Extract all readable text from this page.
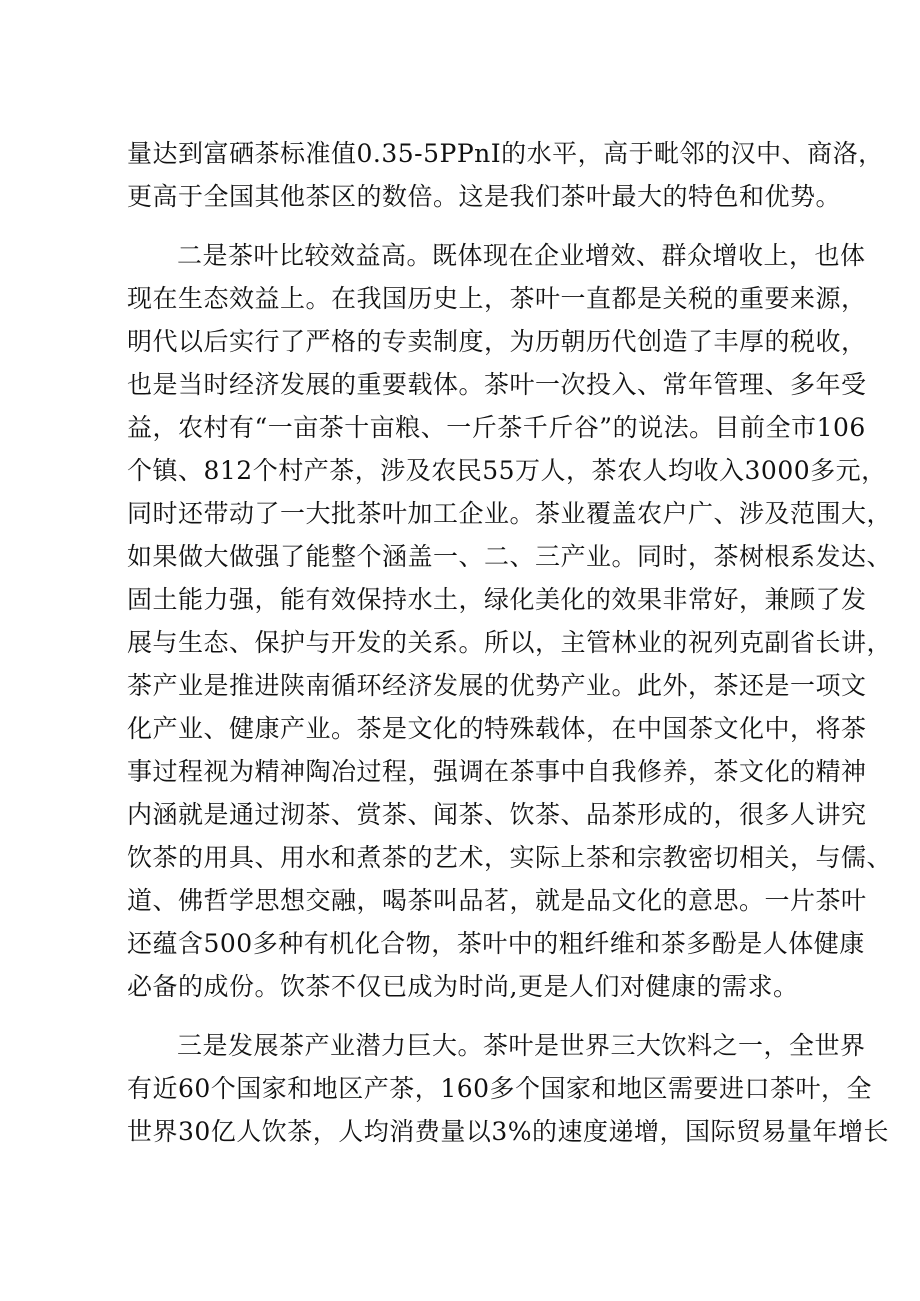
量达到富硒茶标准值0.35-5PPnI的水平，高于毗邻的汉中、商洛，
更高于全国其他茶区的数倍。这是我们茶叶最大的特色和优势。
二是茶叶比较效益高。既体现在企业增效、群众增收上，也体
现在生态效益上。在我国历史上，茶叶一直都是关税的重要来源，
明代以后实行了严格的专卖制度，为历朝历代创造了丰厚的税收，
也是当时经济发展的重要载体。茶叶一次投入、常年管理、多年受
益，农村有“一亩茶十亩粮、一斤茶千斤谷”的说法。目前全市106
个镇、812个村产茶，涉及农民55万人，茶农人均收入3000多元，
同时还带动了一大批茶叶加工企业。茶业覆盖农户广、涉及范围大，
如果做大做强了能整个涵盖一、二、三产业。同时，茶树根系发达、
固土能力强，能有效保持水土，绿化美化的效果非常好，兼顾了发
展与生态、保护与开发的关系。所以，主管林业的祝列克副省长讲，
茶产业是推进陕南循环经济发展的优势产业。此外，茶还是一项文
化产业、健康产业。茶是文化的特殊载体，在中国茶文化中，将茶
事过程视为精神陶冶过程，强调在茶事中自我修养，茶文化的精神
内涵就是通过沏茶、赏茶、闻茶、饮茶、品茶形成的，很多人讲究
饮茶的用具、用水和煮茶的艺术，实际上茶和宗教密切相关，与儒、
道、佛哲学思想交融，喝茶叫品茗，就是品文化的意思。一片茶叶
还蕴含500多种有机化合物，茶叶中的粗纤维和茶多酚是人体健康
必备的成份。饮茶不仅已成为时尚,更是人们对健康的需求。
三是发展茶产业潜力巨大。茶叶是世界三大饮料之一，全世界
有近60个国家和地区产茶，160多个国家和地区需要进口茶叶，全
世界30亿人饮茶，人均消费量以3%的速度递增，国际贸易量年增长
